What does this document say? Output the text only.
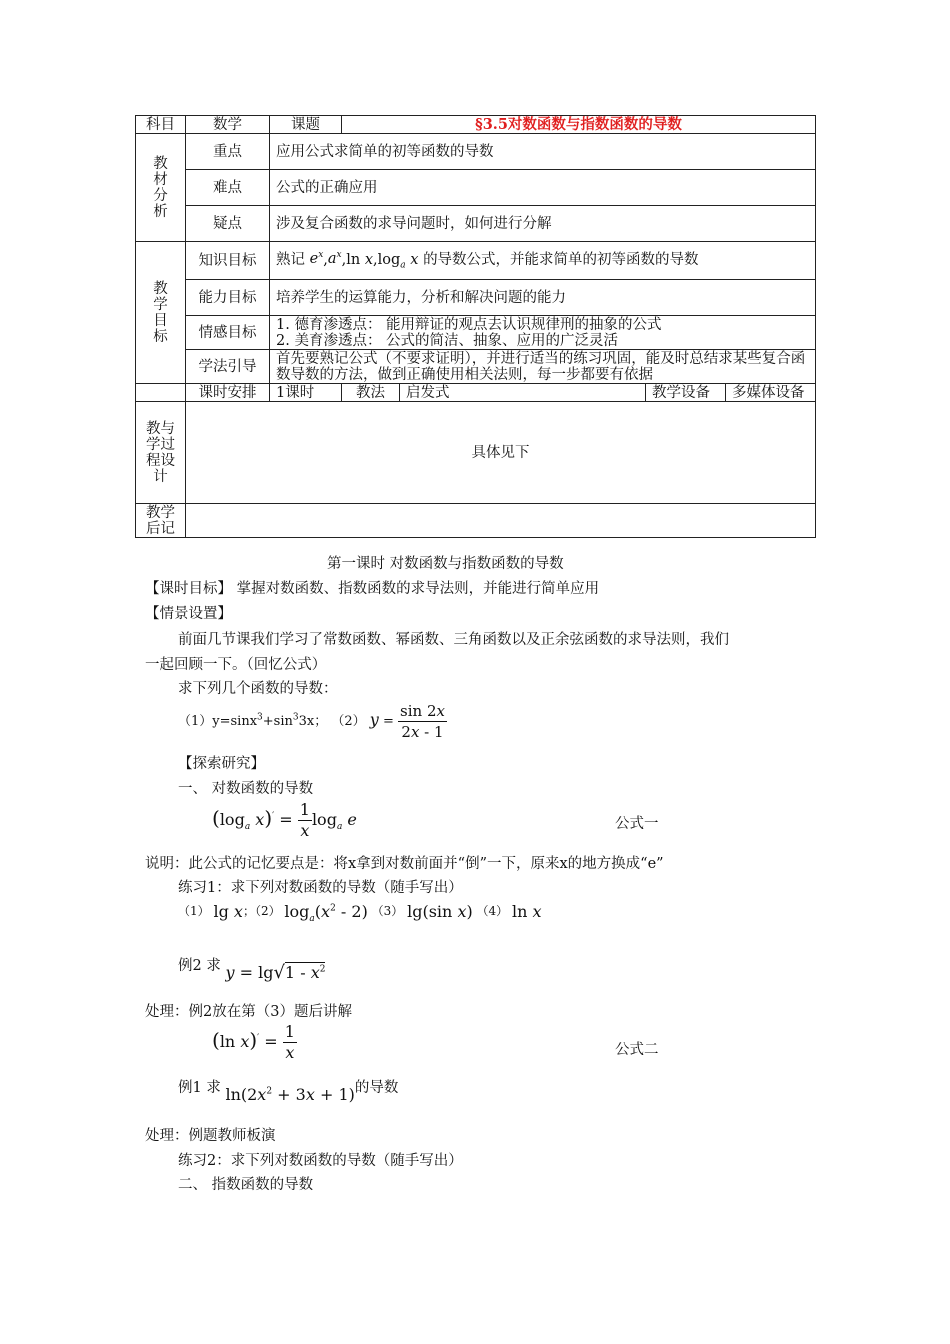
科目	数学	课题	§3.5对数函数与指数函数的导数			

教材分析	重点	应用公式求简单的初等函数的导数				
	难点	公式的正确应用				
	疑点	涉及复合函数的求导问题时，如何进行分解				

教学目标	知识目标	熟记 $e^x,a^x,\ln$ $x,\log_a$ x 的导数公式，并能求简单的初等函数的导数				
	能力目标	培养学生的运算能力，分析和解决问题的能力				
	情感目标	1. 德育渗透点： 能用辩证的观点去认识规律刑的抽象的公式
2. 美育渗透点： 公式的简洁、抽象、应用的广泛灵活				

	学法引导	首先要熟记公式（不要求证明），并进行适当的练习巩固，能及时总结求某些复合函数导数的方法，做到正确使用相关法则，每一步都要有依据				
	课时安排	1课时	教法	启发式	教学设备	多媒体设备

教与学过程设计	具体见下					

教学后记						

第一课时 对数函数与指数函数的导数
【课时目标】 掌握对数函数、指数函数的求导法则，并能进行简单应用
【情景设置】
前面几节课我们学习了常数函数、幂函数、三角函数以及正余弦函数的求导法则，我们
一起回顾一下。（回忆公式）
求下列几个函数的导数：
$(1)y=\sin x^3+\sin^33x$； （2） $y = \frac{\sin 2x}{2x - 1}$
【探索研究】
一、 对数函数的导数
($\log_a$ $x)' = \frac{1}{x} \log_a e$	公式一
说明：此公式的记忆要点是：将x拿到对数前面并“倒”一下，原来x的地方换成“e”
练习1：求下列对数函数的导数（随手写出）
（1） lg x；（2） $\log_a(x^2 - 2)$ （3） lg(sin x) （4） ln x
例2 求 $y = \lg√1 - x^2$
处理：例2放在第（3）题后讲解
(ln $x)' = \frac{1}{x}$	公式二
例1 求 $\ln(2x^2 + 3x + 1)$的导数
处理：例题教师板演
练习2：求下列对数函数的导数（随手写出）
二、 指数函数的导数
